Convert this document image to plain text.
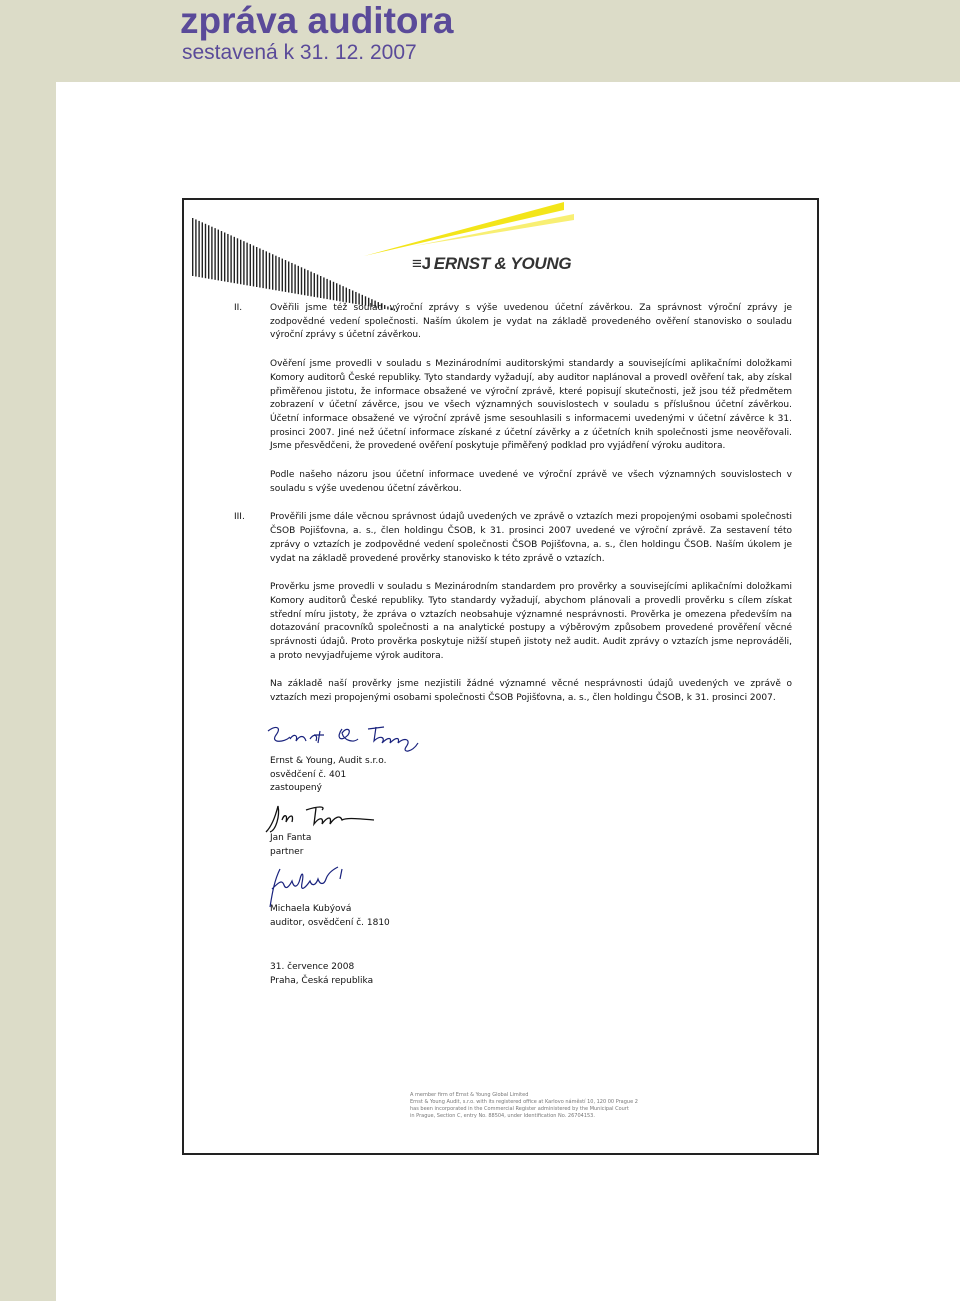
zpráva auditora
sestavená k 31. 12. 2007
≡J ERNST & YOUNG
II.	Ověřili jsme též soulad výroční zprávy s výše uvedenou účetní závěrkou. Za správnost výroční zprávy je zodpovědné vedení společnosti. Naším úkolem je vydat na základě provedeného ověření stanovisko o souladu výroční zprávy s účetní závěrkou.

Ověření jsme provedli v souladu s Mezinárodními auditorskými standardy a souvisejícími aplikačními doložkami Komory auditorů České republiky. Tyto standardy vyžadují, aby auditor naplánoval a provedl ověření tak, aby získal přiměřenou jistotu, že informace obsažené ve výroční zprávě, které popisují skutečnosti, jež jsou též předmětem zobrazení v účetní závěrce, jsou ve všech významných souvislostech v souladu s příslušnou účetní závěrkou. Účetní informace obsažené ve výroční zprávě jsme sesouhlasili s informacemi uvedenými v účetní závěrce k 31. prosinci 2007. Jiné než účetní informace získané z účetní závěrky a z účetních knih společnosti jsme neověřovali. Jsme přesvědčeni, že provedené ověření poskytuje přiměřený podklad pro vyjádření výroku auditora.

Podle našeho názoru jsou účetní informace uvedené ve výroční zprávě ve všech významných souvislostech v souladu s výše uvedenou účetní závěrkou.

III.	Prověřili jsme dále věcnou správnost údajů uvedených ve zprávě o vztazích mezi propojenými osobami společnosti ČSOB Pojišťovna, a. s., člen holdingu ČSOB, k 31. prosinci 2007 uvedené ve výroční zprávě. Za sestavení této zprávy o vztazích je zodpovědné vedení společnosti ČSOB Pojišťovna, a. s., člen holdingu ČSOB. Naším úkolem je vydat na základě provedené prověrky stanovisko k této zprávě o vztazích.

Prověrku jsme provedli v souladu s Mezinárodním standardem pro prověrky a souvisejícími aplikačními doložkami Komory auditorů České republiky. Tyto standardy vyžadují, abychom plánovali a provedli prověrku s cílem získat střední míru jistoty, že zpráva o vztazích neobsahuje významné nesprávnosti. Prověrka je omezena především na dotazování pracovníků společnosti a na analytické postupy a výběrovým způsobem provedené prověření věcné správnosti údajů. Proto prověrka poskytuje nižší stupeň jistoty než audit. Audit zprávy o vztazích jsme neprováděli, a proto nevyjadřujeme výrok auditora.

Na základě naší prověrky jsme nezjistili žádné významné věcné nesprávnosti údajů uvedených ve zprávě o vztazích mezi propojenými osobami společnosti ČSOB Pojišťovna, a. s., člen holdingu ČSOB, k 31. prosinci 2007.

Ernst & Young, Audit s.r.o.

osvědčení č. 401

zastoupený

Jan Fanta

partner

Michaela Kubýová

auditor, osvědčení č. 1810

31. července 2008

Praha, Česká republika

A member firm of Ernst & Young Global Limited
Ernst & Young Audit, s.r.o. with its registered office at Karlovo náměstí 10, 120 00 Prague 2
has been incorporated in the Commercial Register administered by the Municipal Court
in Prague, Section C, entry No. 88504, under Identification No. 26704153.
